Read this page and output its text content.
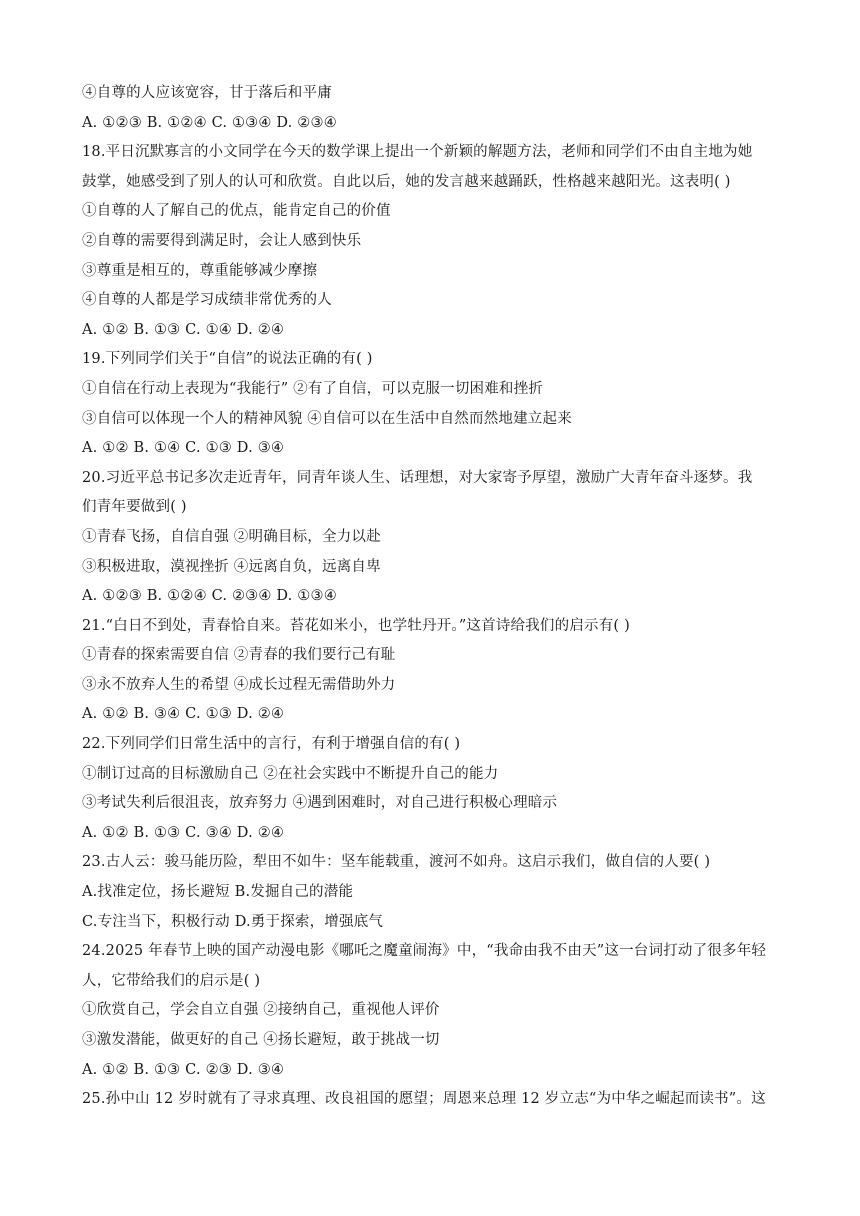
④自尊的人应该宽容，甘于落后和平庸
A. ①②③ B. ①②④ C. ①③④ D. ②③④
18.平日沉默寡言的小文同学在今天的数学课上提出一个新颖的解题方法，老师和同学们不由自主地为她
鼓掌，她感受到了别人的认可和欣赏。自此以后，她的发言越来越踊跃，性格越来越阳光。这表明( )
①自尊的人了解自己的优点，能肯定自己的价值
②自尊的需要得到满足时，会让人感到快乐
③尊重是相互的，尊重能够减少摩擦
④自尊的人都是学习成绩非常优秀的人
A. ①② B. ①③ C. ①④ D. ②④
19.下列同学们关于“自信”的说法正确的有( )
①自信在行动上表现为“我能行” ②有了自信，可以克服一切困难和挫折
③自信可以体现一个人的精神风貌 ④自信可以在生活中自然而然地建立起来
A. ①② B. ①④ C. ①③ D. ③④
20.习近平总书记多次走近青年，同青年谈人生、话理想，对大家寄予厚望，激励广大青年奋斗逐梦。我
们青年要做到( )
①青春飞扬，自信自强 ②明确目标，全力以赴
③积极进取，漠视挫折 ④远离自负，远离自卑
A. ①②③ B. ①②④ C. ②③④ D. ①③④
21.“白日不到处，青春恰自来。苔花如米小，也学牡丹开。”这首诗给我们的启示有( )
①青春的探索需要自信 ②青春的我们要行己有耻
③永不放弃人生的希望 ④成长过程无需借助外力
A. ①② B. ③④ C. ①③ D. ②④
22.下列同学们日常生活中的言行，有利于增强自信的有( )
①制订过高的目标激励自己 ②在社会实践中不断提升自己的能力
③考试失利后很沮丧，放弃努力 ④遇到困难时，对自己进行积极心理暗示
A. ①② B. ①③ C. ③④ D. ②④
23.古人云：骏马能历险，犁田不如牛：坚车能载重，渡河不如舟。这启示我们，做自信的人要( )
A.找准定位，扬长避短 B.发掘自己的潜能
C.专注当下，积极行动 D.勇于探索，增强底气
24.2025 年春节上映的国产动漫电影《哪吒之魔童闹海》中，“我命由我不由天”这一台词打动了很多年轻
人，它带给我们的启示是( )
①欣赏自己，学会自立自强 ②接纳自己，重视他人评价
③激发潜能，做更好的自己 ④扬长避短，敢于挑战一切
A. ①② B. ①③ C. ②③ D. ③④
25.孙中山 12 岁时就有了寻求真理、改良祖国的愿望；周恩来总理 12 岁立志“为中华之崛起而读书”。这
